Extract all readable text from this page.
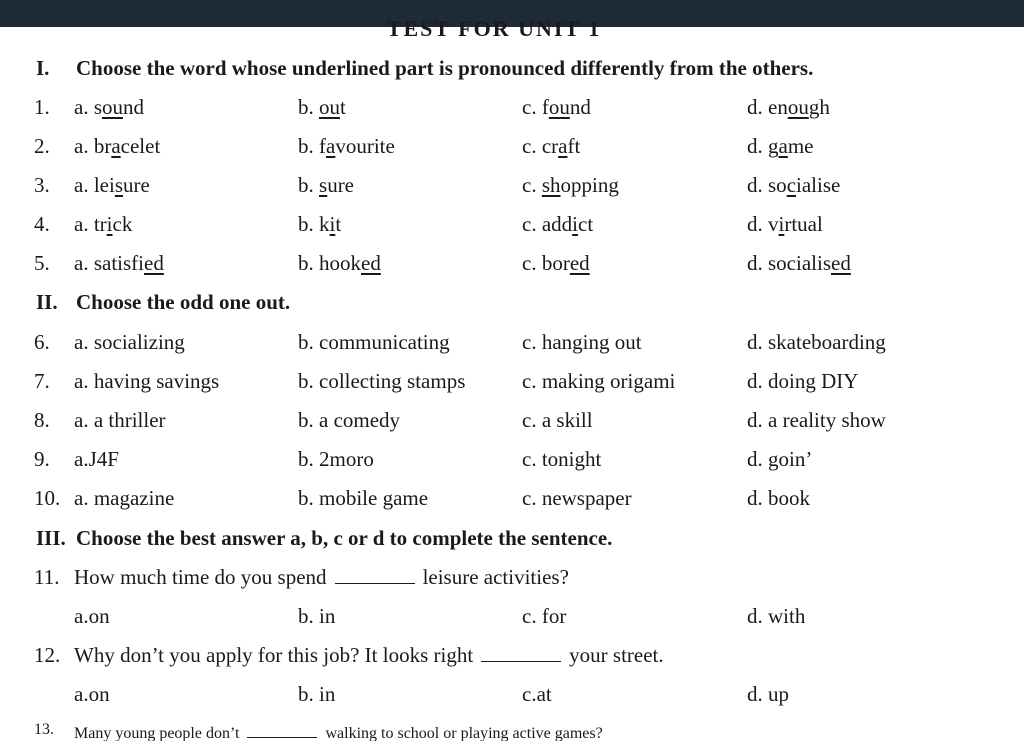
TEST FOR UNIT 1
I. Choose the word whose underlined part is pronounced differently from the others.
1. a. sound	b. out	c. found	d. enough
2. a. bracelet	b. favourite	c. craft	d. game
3. a. leisure	b. sure	c. shopping	d. socialise
4. a. trick	b. kit	c. addict	d. virtual
5. a. satisfied	b. hooked	c. bored	d. socialised
II. Choose the odd one out.
6. a. socializing	b. communicating	c. hanging out	d. skateboarding
7. a. having savings	b. collecting stamps	c. making origami	d. doing DIY
8. a. a thriller	b. a comedy	c. a skill	d. a reality show
9. a.J4F	b. 2moro	c. tonight	d. goin’
10. a. magazine	b. mobile game	c. newspaper	d. book
III. Choose the best answer a, b, c or d to complete the sentence.
11. How much time do you spend	leisure activities?
a.on	b. in	c. for	d. with
12. Why don’t you apply for this job? It looks right	your street.
a.on	b. in	c.at	d. up
13. Many young people don’t	walking to school or playing active games?
